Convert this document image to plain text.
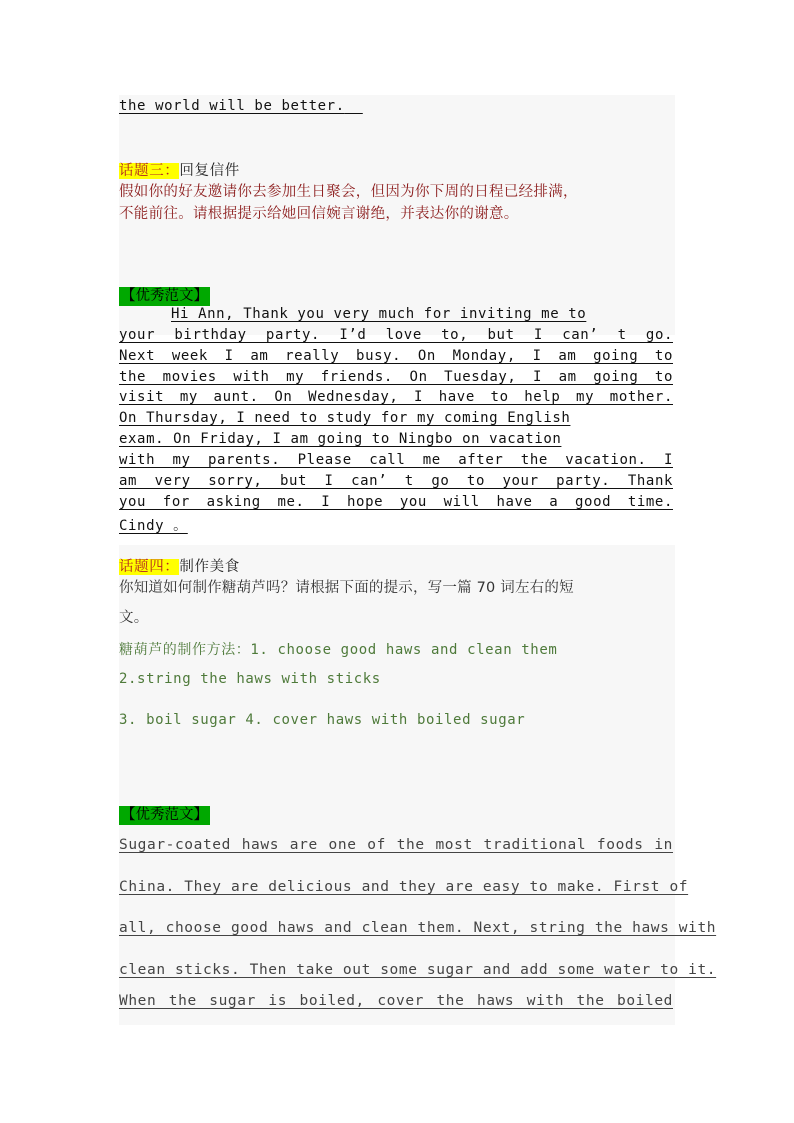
the world will be better.
话题三：回复信件
假如你的好友邀请你去参加生日聚会，但因为你下周的日程已经排满，
不能前往。请根据提示给她回信婉言谢绝，并表达你的谢意。
【优秀范文】
Hi Ann, Thank you very much for inviting me to
your birthday party. I’d love to, but I can’ t go.
Next week I am really busy. On Monday, I am going to
the movies with my friends. On Tuesday, I am going to
visit my aunt. On Wednesday, I have to help my mother.
On Thursday, I need to study for my coming English
exam. On Friday, I am going to Ningbo on vacation
with my parents. Please call me after the vacation. I
am very sorry, but I can’ t go to your party. Thank
you for asking me. I hope you will have a good time.
Cindy 。
话题四：制作美食
你知道如何制作糖葫芦吗？请根据下面的提示，写一篇 70 词左右的短
文。
糖葫芦的制作方法：1. choose good haws and clean them
2.string the haws with sticks
3. boil sugar 4. cover haws with boiled sugar
【优秀范文】
Sugar-coated haws are one of the most traditional foods in
China. They are delicious and they are easy to make. First of
all, choose good haws and clean them. Next, string the haws with
clean sticks. Then take out some sugar and add some water to it.
When the sugar is boiled, cover the haws with the boiled
